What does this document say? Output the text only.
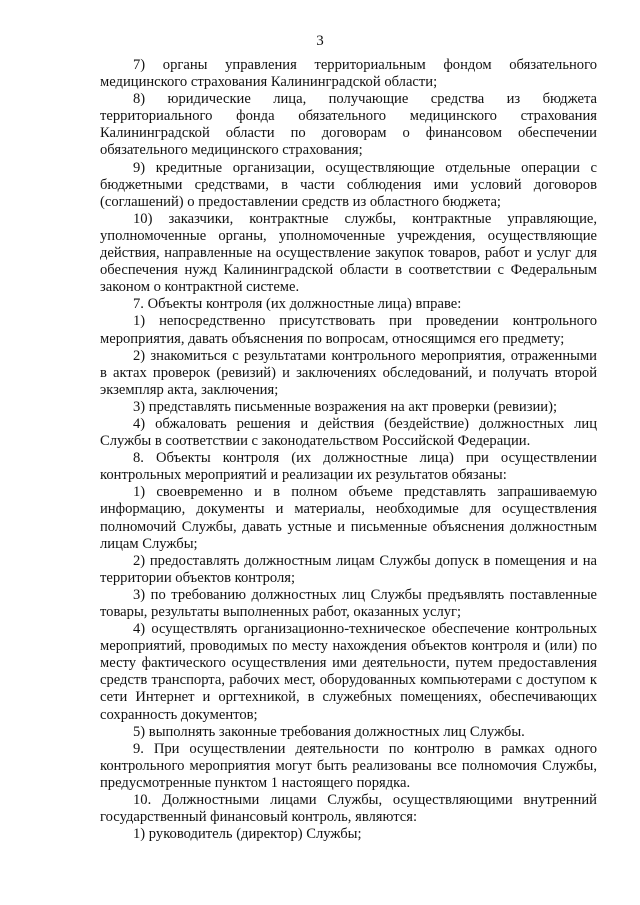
3

7) органы управления территориальным фондом обязательного медицинского страхования Калининградской области;

8) юридические лица, получающие средства из бюджета территориального фонда обязательного медицинского страхования Калининградской области по договорам о финансовом обеспечении обязательного медицинского страхования;

9) кредитные организации, осуществляющие отдельные операции с бюджетными средствами, в части соблюдения ими условий договоров (соглашений) о предоставлении средств из областного бюджета;

10) заказчики, контрактные службы, контрактные управляющие, уполномоченные органы, уполномоченные учреждения, осуществляющие действия, направленные на осуществление закупок товаров, работ и услуг для обеспечения нужд Калининградской области в соответствии с Федеральным законом о контрактной системе.

7. Объекты контроля (их должностные лица) вправе:

1) непосредственно присутствовать при проведении контрольного мероприятия, давать объяснения по вопросам, относящимся его предмету;

2) знакомиться с результатами контрольного мероприятия, отраженными в актах проверок (ревизий) и заключениях обследований, и получать второй экземпляр акта, заключения;

3) представлять письменные возражения на акт проверки (ревизии);

4) обжаловать решения и действия (бездействие) должностных лиц Службы в соответствии с законодательством Российской Федерации.

8. Объекты контроля (их должностные лица) при осуществлении контрольных мероприятий и реализации их результатов обязаны:

1) своевременно и в полном объеме представлять запрашиваемую информацию, документы и материалы, необходимые для осуществления полномочий Службы, давать устные и письменные объяснения должностным лицам Службы;

2) предоставлять должностным лицам Службы допуск в помещения и на территории объектов контроля;

3) по требованию должностных лиц Службы предъявлять поставленные товары, результаты выполненных работ, оказанных услуг;

4) осуществлять организационно-техническое обеспечение контрольных мероприятий, проводимых по месту нахождения объектов контроля и (или) по месту фактического осуществления ими деятельности, путем предоставления средств транспорта, рабочих мест, оборудованных компьютерами с доступом к сети Интернет и оргтехникой, в служебных помещениях, обеспечивающих сохранность документов;

5) выполнять законные требования должностных лиц Службы.

9. При осуществлении деятельности по контролю в рамках одного контрольного мероприятия могут быть реализованы все полномочия Службы, предусмотренные пунктом 1 настоящего порядка.

10. Должностными лицами Службы, осуществляющими внутренний государственный финансовый контроль, являются:

1) руководитель (директор) Службы;
